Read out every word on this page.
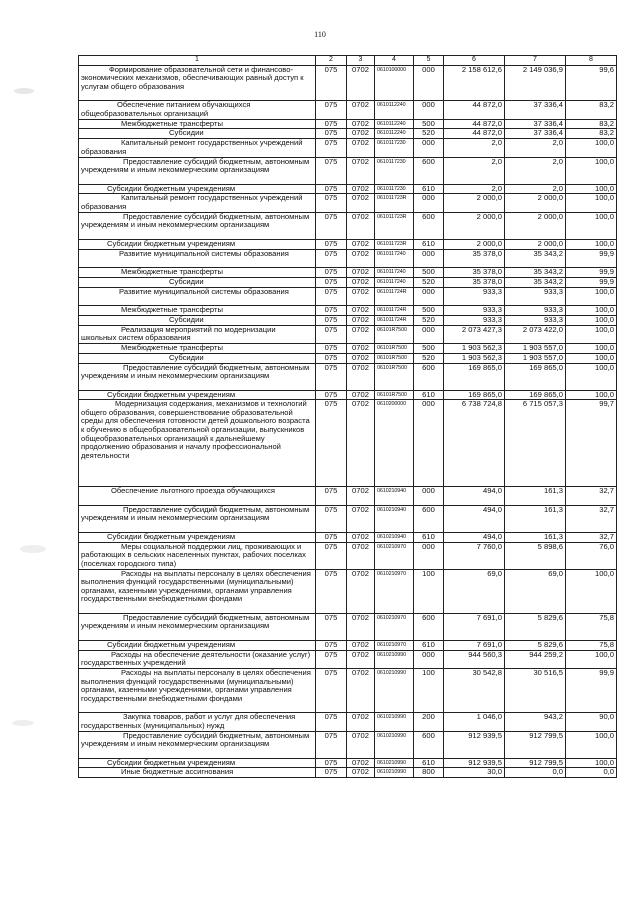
110
1	2	3	4	5	6	7	8

Формирование образовательной сети и финансово-экономических механизмов, обеспечивающих равный доступ к услугам общего образования	075	0702	0610100000	000	2 158 612,6	2 149 036,9	99,6

Обеспечение питанием обучающихся общеобразовательных организаций	075	0702	0610112240	000	44 872,0	37 336,4	83,2

Межбюджетные трансферты	075	0702	0610112240	500	44 872,0	37 336,4	83,2

Субсидии	075	0702	0610112240	520	44 872,0	37 336,4	83,2

Капитальный ремонт государственных учреждений образования	075	0702	0610117230	000	2,0	2,0	100,0

Предоставление субсидий бюджетным, автономным учреждениям и иным некоммерческим организациям	075	0702	0610117230	600	2,0	2,0	100,0

Субсидии бюджетным учреждениям	075	0702	0610117230	610	2,0	2,0	100,0

Капитальный ремонт государственных учреждений образования	075	0702	061011723R	000	2 000,0	2 000,0	100,0

Предоставление субсидий бюджетным, автономным учреждениям и иным некоммерческим организациям	075	0702	061011723R	600	2 000,0	2 000,0	100,0

Субсидии бюджетным учреждениям	075	0702	061011723R	610	2 000,0	2 000,0	100,0

Развитие муниципальной системы образования	075	0702	0610117240	000	35 378,0	35 343,2	99,9

Межбюджетные трансферты	075	0702	0610117240	500	35 378,0	35 343,2	99,9

Субсидии	075	0702	0610117240	520	35 378,0	35 343,2	99,9

Развитие муниципальной системы образования	075	0702	061011724R	000	933,3	933,3	100,0

Межбюджетные трансферты	075	0702	061011724R	500	933,3	933,3	100,0

Субсидии	075	0702	061011724R	520	933,3	933,3	100,0

Реализация мероприятий по модернизации школьных систем образования	075	0702	06101R7500	000	2 073 427,3	2 073 422,0	100,0

Межбюджетные трансферты	075	0702	06101R7500	500	1 903 562,3	1 903 557,0	100,0

Субсидии	075	0702	06101R7500	520	1 903 562,3	1 903 557,0	100,0

Предоставление субсидий бюджетным, автономным учреждениям и иным некоммерческим организациям	075	0702	06101R7500	600	169 865,0	169 865,0	100,0

Субсидии бюджетным учреждениям	075	0702	06101R7500	610	169 865,0	169 865,0	100,0

Модернизация содержания, механизмов и технологий общего образования, совершенствование образовательной среды для обеспечения готовности детей дошкольного возраста к обучению в общеобразовательной организации, выпускников общеобразовательных организаций к дальнейшему продолжению образования и началу профессиональной деятельности	075	0702	0610200000	000	6 738 724,8	6 715 057,3	99,7

Обеспечение льготного проезда обучающихся	075	0702	0610210940	000	494,0	161,3	32,7

Предоставление субсидий бюджетным, автономным учреждениям и иным некоммерческим организациям	075	0702	0610210940	600	494,0	161,3	32,7

Субсидии бюджетным учреждениям	075	0702	0610210940	610	494,0	161,3	32,7

Меры социальной поддержки лиц, проживающих и работающих в сельских населенных пунктах, рабочих поселках (поселках городского типа)	075	0702	0610210970	000	7 760,0	5 898,6	76,0

Расходы на выплаты персоналу в целях обеспечения выполнения функций государственными (муниципальными) органами, казенными учреждениями, органами управления государственными внебюджетными фондами	075	0702	0610210970	100	69,0	69,0	100,0

Предоставление субсидий бюджетным, автономным учреждениям и иным некоммерческим организациям	075	0702	0610210970	600	7 691,0	5 829,6	75,8

Субсидии бюджетным учреждениям	075	0702	0610210970	610	7 691,0	5 829,6	75,8

Расходы на обеспечение деятельности (оказание услуг) государственных учреждений	075	0702	0610210990	000	944 560,3	944 259,2	100,0

Расходы на выплаты персоналу в целях обеспечения выполнения функций государственными (муниципальными) органами, казенными учреждениями, органами управления государственными внебюджетными фондами	075	0702	0610210990	100	30 542,8	30 516,5	99,9

Закупка товаров, работ и услуг для обеспечения государственных (муниципальных) нужд	075	0702	0610210990	200	1 046,0	943,2	90,0

Предоставление субсидий бюджетным, автономным учреждениям и иным некоммерческим организациям	075	0702	0610210990	600	912 939,5	912 799,5	100,0

Субсидии бюджетным учреждениям	075	0702	0610210990	610	912 939,5	912 799,5	100,0

Иные бюджетные ассигнования	075	0702	0610210990	800	30,0	0,0	0,0
